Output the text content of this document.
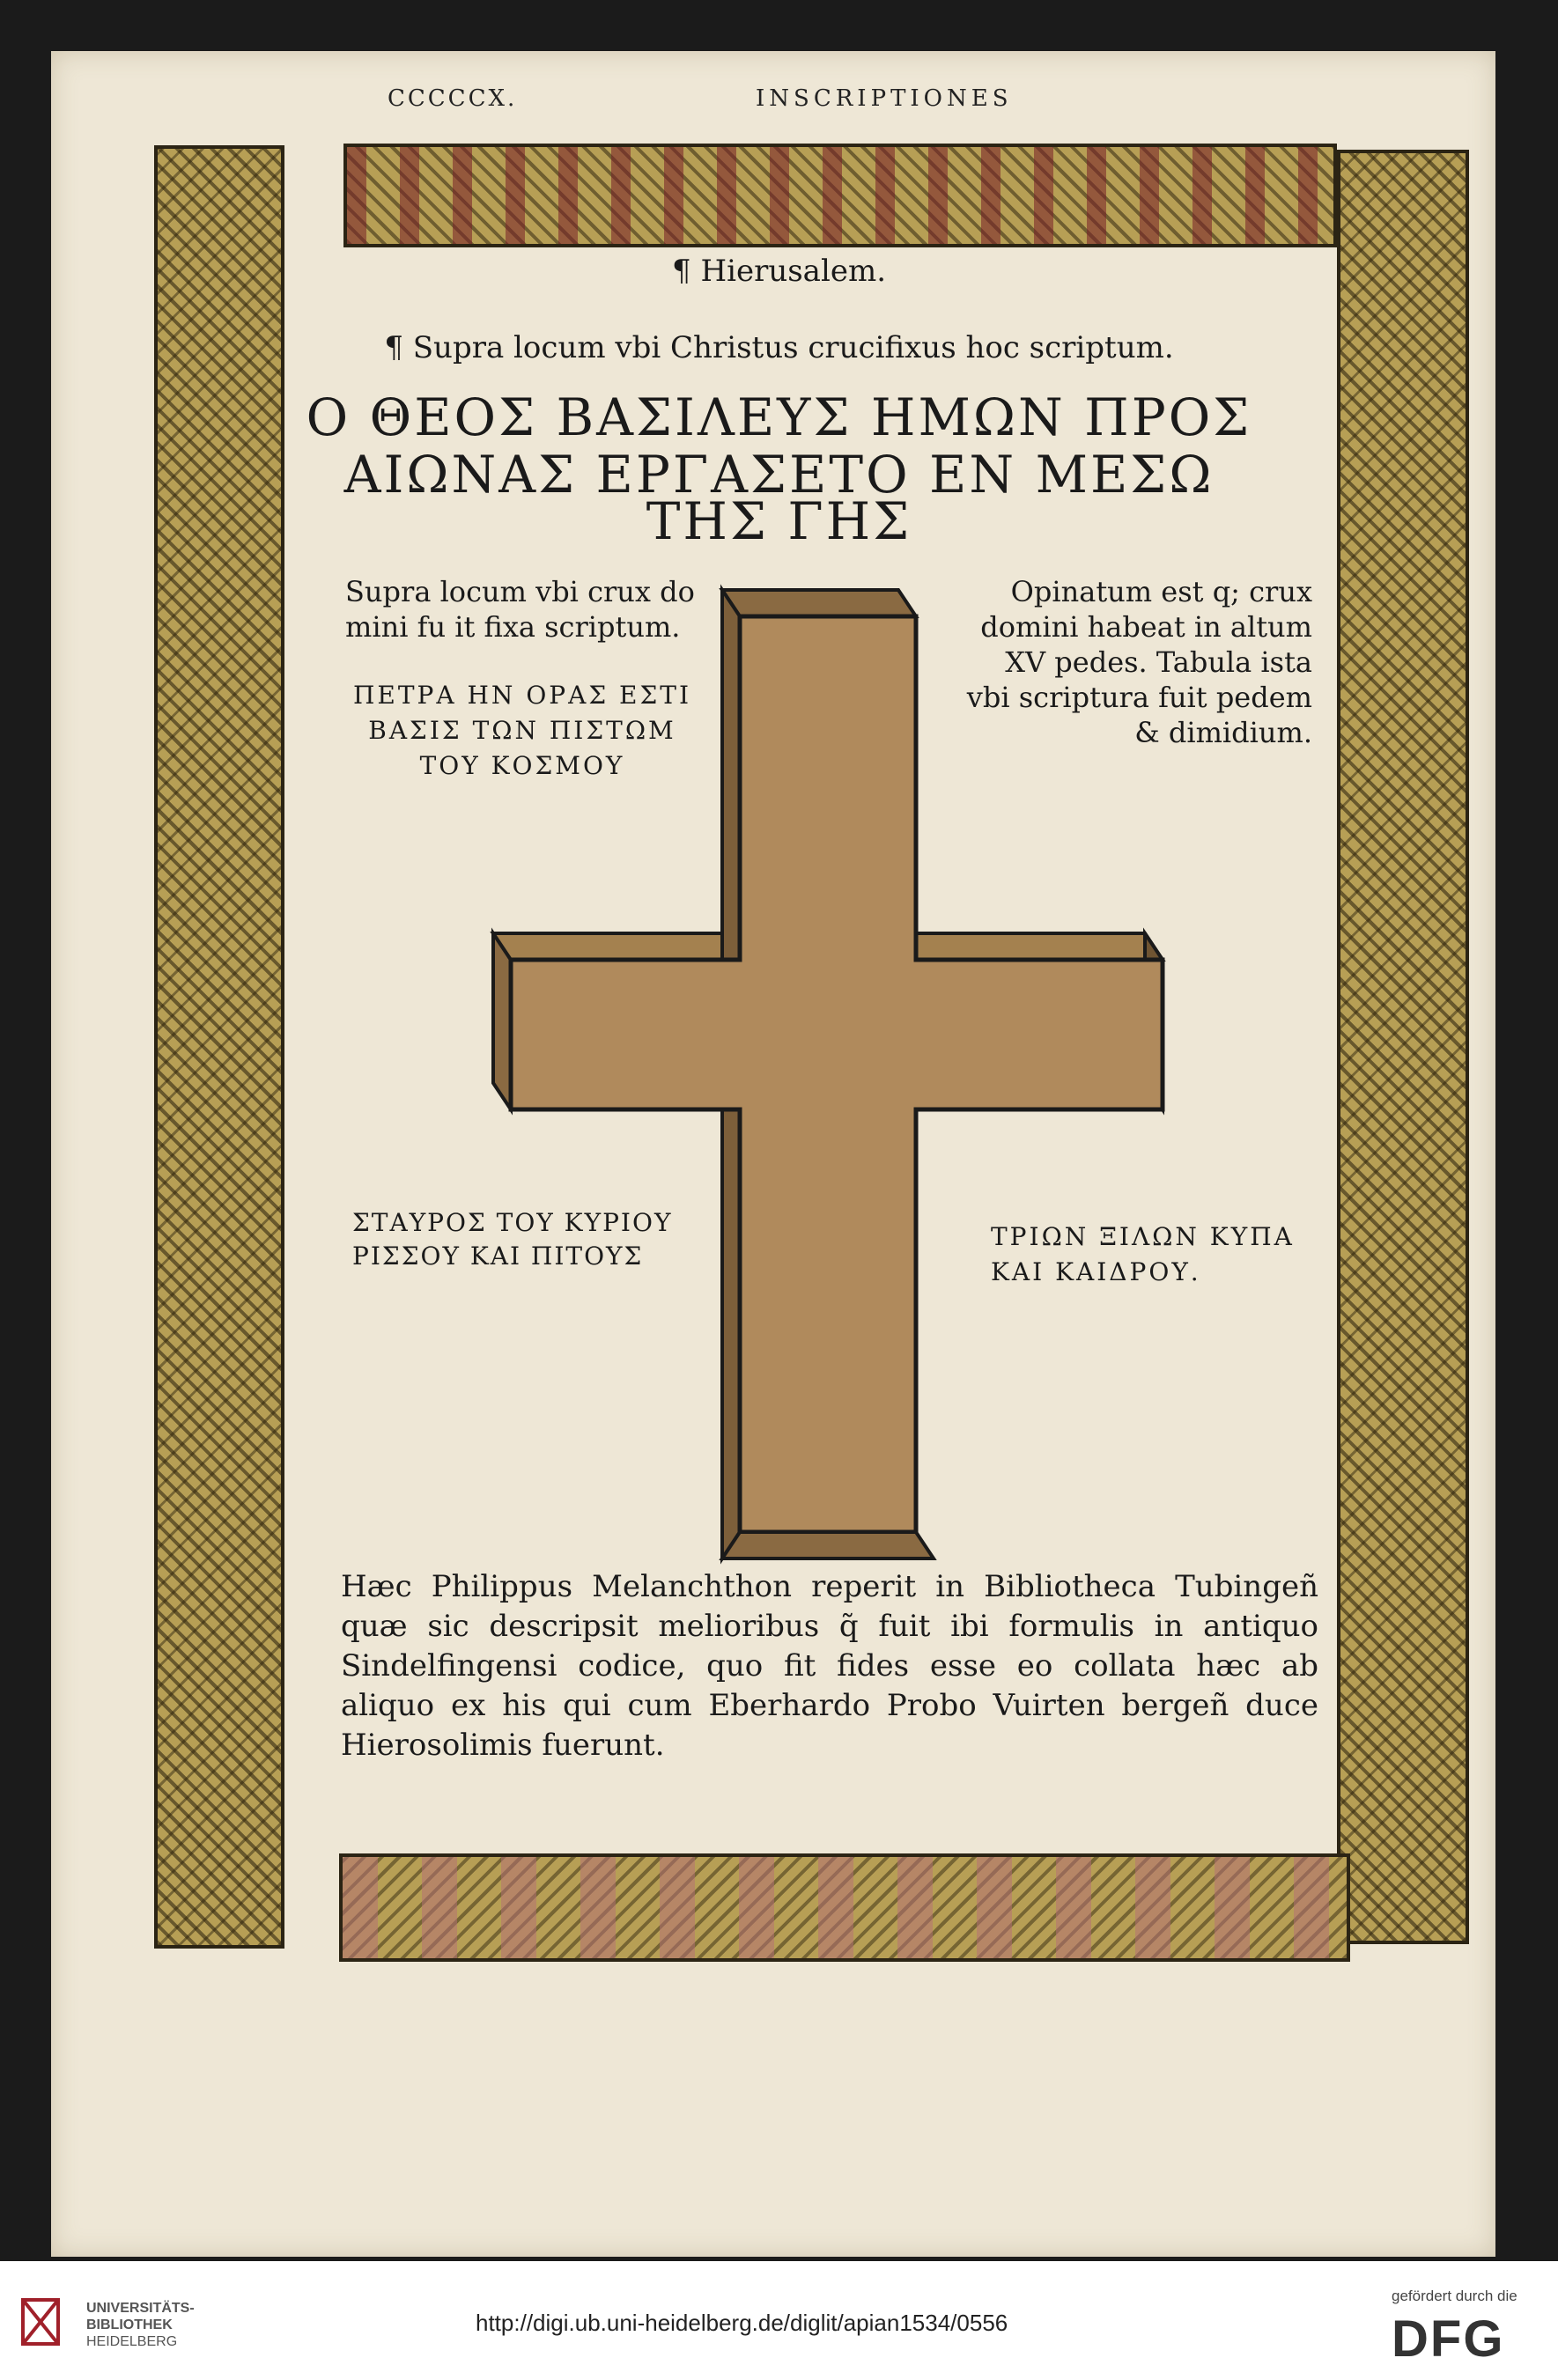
CCCCCX.	INSCRIPTIONES
¶ Hierusalem.
¶ Supra locum vbi Christus crucifixus hoc scriptum.
Ο ΘΕΟΣ ΒΑΣΙΛΕΥΣ ΗΜΩΝ ΠΡΟΣ
ΑΙΩΝΑΣ ΕΡΓΑΣΕΤΟ ΕΝ ΜΕΣΩ
ΤΗΣ ΓΗΣ
Supra locum vbi crux do
mini fu it fixa scriptum.
Opinatum est q; crux
domini habeat in altum
XV pedes. Tabula ista
vbi scriptura fuit pedem
& dimidium.
ΠΕΤΡΑ ΗΝ ΟΡΑΣ ΕΣΤΙ
ΒΑΣΙΣ ΤΩΝ ΠΙΣΤΩΜ
ΤΟΥ ΚΟΣΜΟΥ
ΣΤΑΥΡΟΣ ΤΟΥ ΚΥΡΙΟΥ
ΡΙΣΣΟΥ ΚΑΙ ΠΙΤΟΥΣ
ΤΡΙΩΝ ΞΙΛΩΝ ΚΥΠΑ
ΚΑΙ ΚΑΙΔΡΟΥ.
Hæc Philippus Melanchthon reperit in Bibliotheca Tubingeñ quæ sic descripsit melioribus q̃ fuit ibi formulis in antiquo Sindelfingensi codice, quo fit fides esse eo collata hæc ab aliquo ex his qui cum Eberhardo Probo Vuirten bergeñ duce Hierosolimis fuerunt.
UNIVERSITÄTS-
BIBLIOTHEK
HEIDELBERG
http://digi.ub.uni-heidelberg.de/diglit/apian1534/0556
gefördert durch die
DFG
